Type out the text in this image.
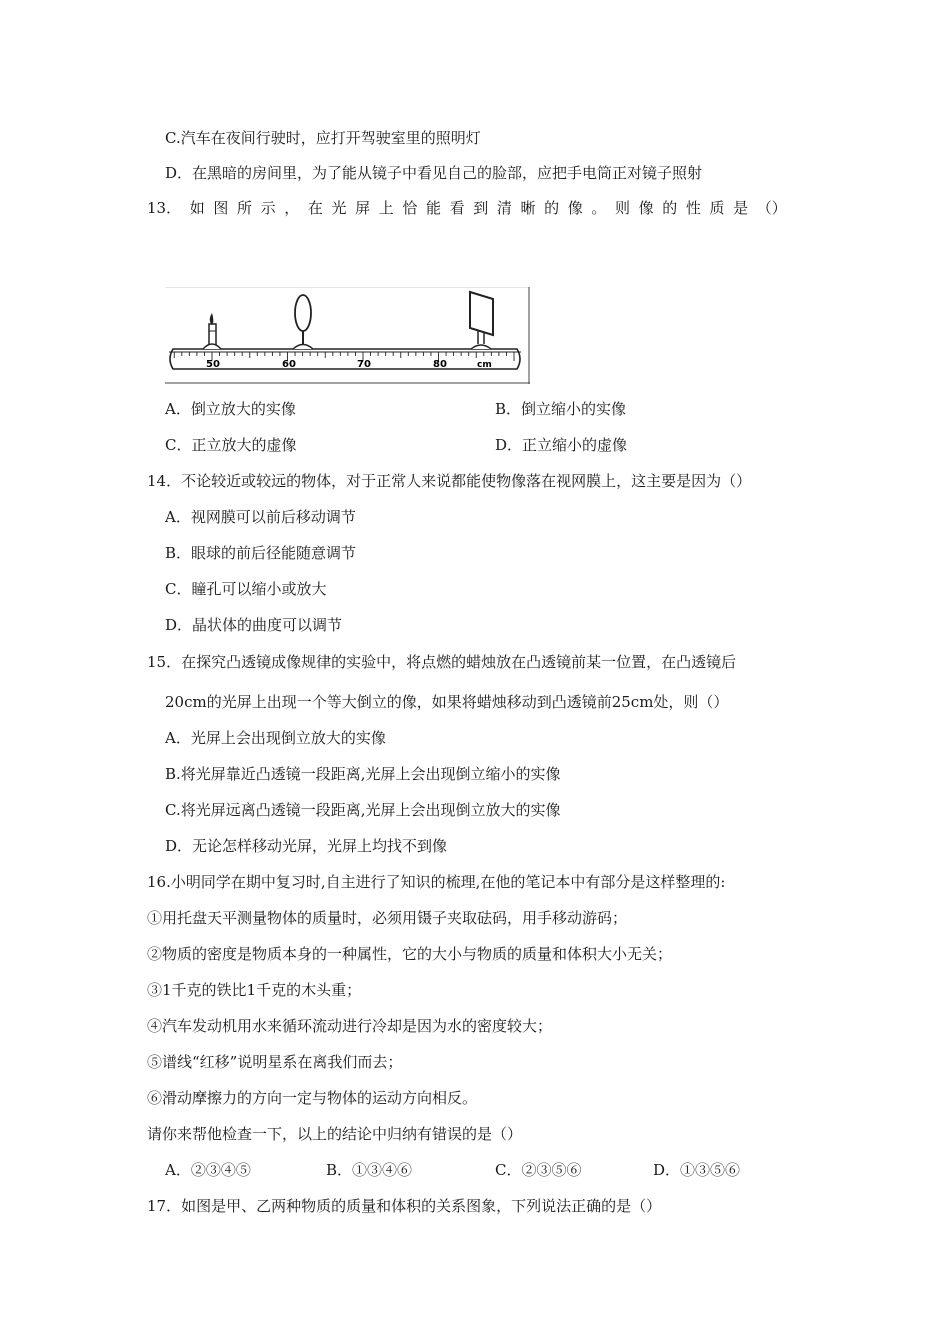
C.汽车在夜间行驶时，应打开驾驶室里的照明灯
D．在黑暗的房间里，为了能从镜子中看见自己的脸部，应把手电筒正对镜子照射
13． 如 图 所 示 ， 在 光 屏 上 恰 能 看 到 清 晰 的 像 。 则 像 的 性 质 是 （）
50	60	70	80	cm
A．倒立放大的实像	B．倒立缩小的实像
C．正立放大的虚像	D．正立缩小的虚像
14．不论较近或较远的物体，对于正常人来说都能使物像落在视网膜上，这主要是因为（）
A．视网膜可以前后移动调节
B．眼球的前后径能随意调节
C．瞳孔可以缩小或放大
D．晶状体的曲度可以调节
15．在探究凸透镜成像规律的实验中，将点燃的蜡烛放在凸透镜前某一位置，在凸透镜后
20cm的光屏上出现一个等大倒立的像，如果将蜡烛移动到凸透镜前25cm处，则（）
A．光屏上会出现倒立放大的实像
B.将光屏靠近凸透镜一段距离,光屏上会出现倒立缩小的实像
C.将光屏远离凸透镜一段距离,光屏上会出现倒立放大的实像
D．无论怎样移动光屏，光屏上均找不到像
16.小明同学在期中复习时,自主进行了知识的梳理,在他的笔记本中有部分是这样整理的:
①用托盘天平测量物体的质量时，必须用镊子夹取砝码，用手移动游码；
②物质的密度是物质本身的一种属性，它的大小与物质的质量和体积大小无关；
③1千克的铁比1千克的木头重；
④汽车发动机用水来循环流动进行冷却是因为水的密度较大；
⑤谱线“红移”说明星系在离我们而去；
⑥滑动摩擦力的方向一定与物体的运动方向相反。
请你来帮他检查一下，以上的结论中归纳有错误的是（）
A．②③④⑤	B．①③④⑥	C．②③⑤⑥	D．①③⑤⑥
17．如图是甲、乙两种物质的质量和体积的关系图象，下列说法正确的是（）
